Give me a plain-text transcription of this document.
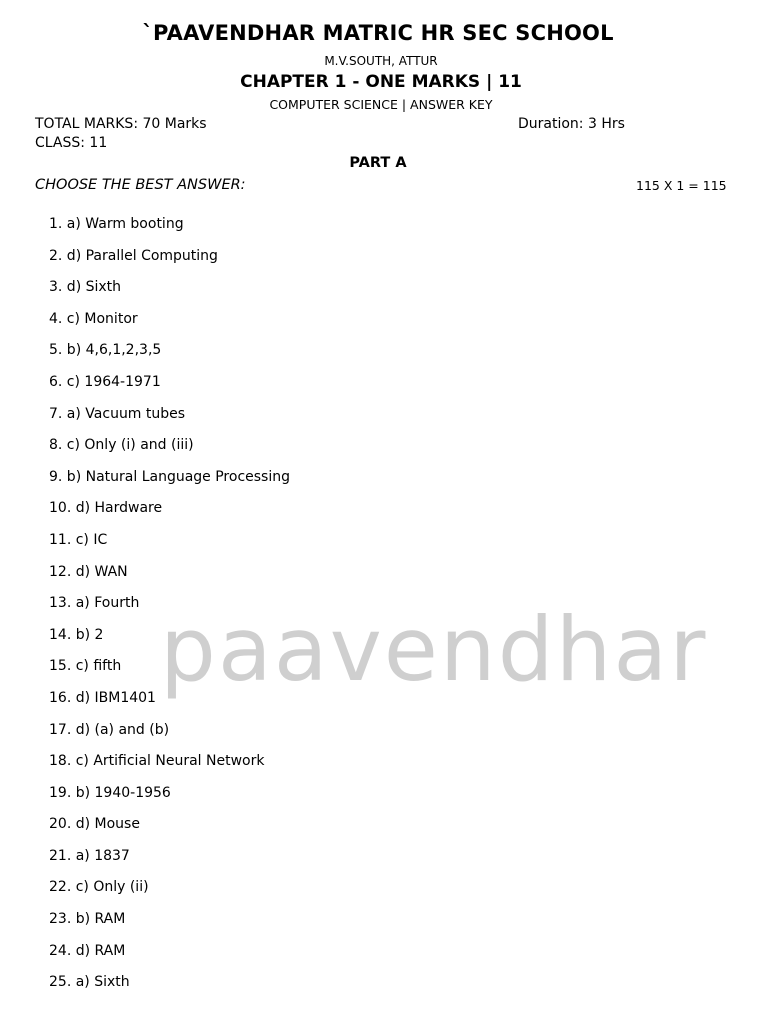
`PAAVENDHAR MATRIC HR SEC SCHOOL
M.V.SOUTH, ATTUR
CHAPTER 1 - ONE MARKS | 11
COMPUTER SCIENCE | ANSWER KEY
TOTAL MARKS: 70 Marks	Duration: 3 Hrs
CLASS: 11
PART A
CHOOSE THE BEST ANSWER:	115 X 1 = 115
1. a) Warm booting
2. d) Parallel Computing
3. d) Sixth
4. c) Monitor
5. b) 4,6,1,2,3,5
6. c) 1964-1971
7. a) Vacuum tubes
8. c) Only (i) and (iii)
9. b) Natural Language Processing
10. d) Hardware
11. c) IC
12. d) WAN
13. a) Fourth
14. b) 2
15. c) fifth
16. d) IBM1401
17. d) (a) and (b)
18. c) Artificial Neural Network
19. b) 1940-1956
20. d) Mouse
21. a) 1837
22. c) Only (ii)
23. b) RAM
24. d) RAM
25. a) Sixth
paavendhar
